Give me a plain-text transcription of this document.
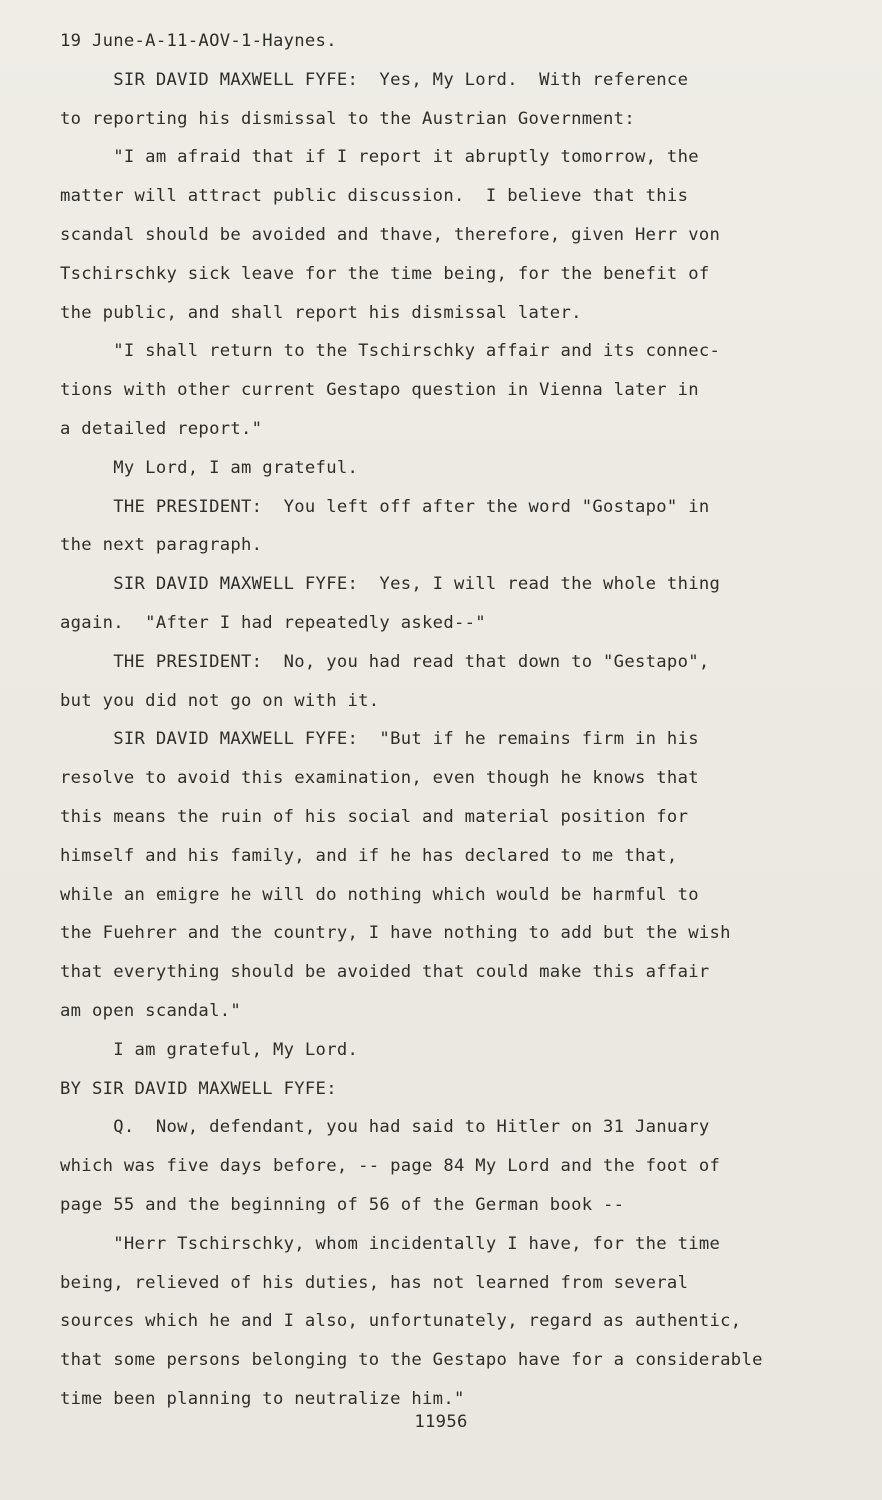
19 June-A-11-AOV-1-Haynes.
SIR DAVID MAXWELL FYFE:  Yes, My Lord.  With reference
to reporting his dismissal to the Austrian Government:
"I am afraid that if I report it abruptly tomorrow, the
matter will attract public discussion.  I believe that this
scandal should be avoided and thave, therefore, given Herr von
Tschirschky sick leave for the time being, for the benefit of
the public, and shall report his dismissal later.
"I shall return to the Tschirschky affair and its connec-
tions with other current Gestapo question in Vienna later in
a detailed report."
My Lord, I am grateful.
THE PRESIDENT:  You left off after the word "Gostapo" in
the next paragraph.
SIR DAVID MAXWELL FYFE:  Yes, I will read the whole thing
again.  "After I had repeatedly asked--"
THE PRESIDENT:  No, you had read that down to "Gestapo",
but you did not go on with it.
SIR DAVID MAXWELL FYFE:  "But if he remains firm in his
resolve to avoid this examination, even though he knows that
this means the ruin of his social and material position for
himself and his family, and if he has declared to me that,
while an emigre he will do nothing which would be harmful to
the Fuehrer and the country, I have nothing to add but the wish
that everything should be avoided that could make this affair
am open scandal."
I am grateful, My Lord.
BY SIR DAVID MAXWELL FYFE:
Q.  Now, defendant, you had said to Hitler on 31 January
which was five days before, -- page 84 My Lord and the foot of
page 55 and the beginning of 56 of the German book --
"Herr Tschirschky, whom incidentally I have, for the time
being, relieved of his duties, has not learned from several
sources which he and I also, unfortunately, regard as authentic,
that some persons belonging to the Gestapo have for a considerable
time been planning to neutralize him."
11956
